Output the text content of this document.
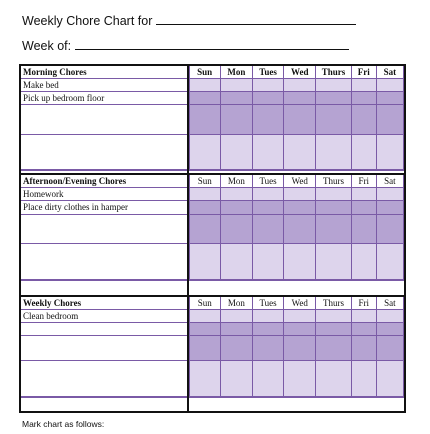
Weekly Chore Chart for
Week of:
Morning Chores	Sun	Mon	Tues	Wed	Thurs	Fri	Sat
Make bed							
Pick up bedroom floor							

Afternoon/Evening Chores	Sun	Mon	Tues	Wed	Thurs	Fri	Sat
Homework							
Place dirty clothes in hamper							

Weekly Chores	Sun	Mon	Tues	Wed	Thurs	Fri	Sat
Clean bedroom							

Mark chart as follows:
